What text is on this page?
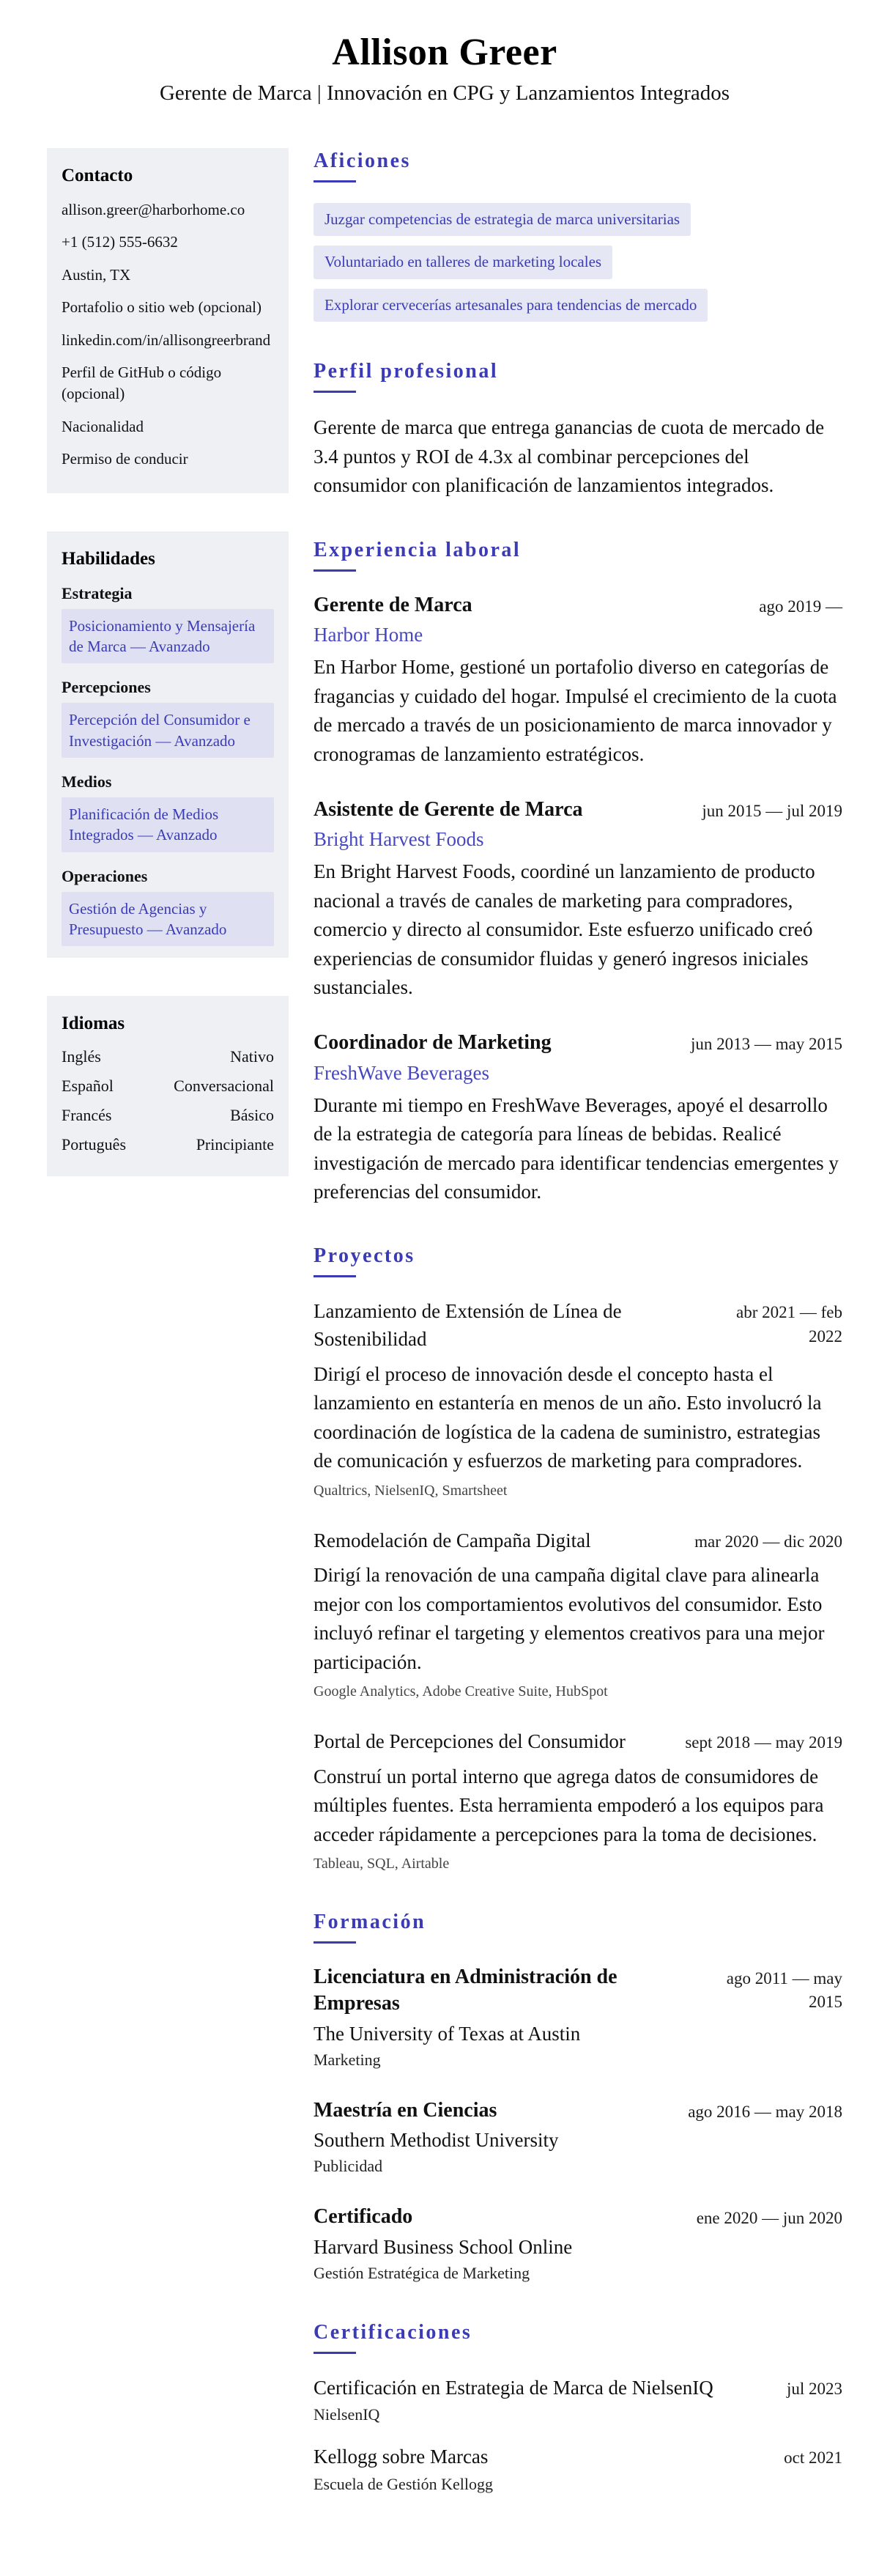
Allison Greer
Gerente de Marca | Innovación en CPG y Lanzamientos Integrados
Contacto
allison.greer@harborhome.co
+1 (512) 555-6632
Austin, TX
Portafolio o sitio web (opcional)
linkedin.com/in/allisongreerbrand
Perfil de GitHub o código (opcional)
Nacionalidad
Permiso de conducir
Habilidades
Estrategia
Posicionamiento y Mensajería de Marca — Avanzado
Percepciones
Percepción del Consumidor e Investigación — Avanzado
Medios
Planificación de Medios Integrados — Avanzado
Operaciones
Gestión de Agencias y Presupuesto — Avanzado
Idiomas
Inglés	Nativo
Español	Conversacional
Francés	Básico
Português	Principiante
Aficiones
Juzgar competencias de estrategia de marca universitarias
Voluntariado en talleres de marketing locales
Explorar cervecerías artesanales para tendencias de mercado
Perfil profesional

Gerente de marca que entrega ganancias de cuota de mercado de 3.4 puntos y ROI de 4.3x al combinar percepciones del consumidor con planificación de lanzamientos integrados.

Experiencia laboral
Gerente de Marca	ago 2019 —
Harbor Home
En Harbor Home, gestioné un portafolio diverso en categorías de fragancias y cuidado del hogar. Impulsé el crecimiento de la cuota de mercado a través de un posicionamiento de marca innovador y cronogramas de lanzamiento estratégicos.
Asistente de Gerente de Marca	jun 2015 — jul 2019
Bright Harvest Foods
En Bright Harvest Foods, coordiné un lanzamiento de producto nacional a través de canales de marketing para compradores, comercio y directo al consumidor. Este esfuerzo unificado creó experiencias de consumidor fluidas y generó ingresos iniciales sustanciales.
Coordinador de Marketing	jun 2013 — may 2015
FreshWave Beverages
Durante mi tiempo en FreshWave Beverages, apoyé el desarrollo de la estrategia de categoría para líneas de bebidas. Realicé investigación de mercado para identificar tendencias emergentes y preferencias del consumidor.
Proyectos
Lanzamiento de Extensión de Línea de Sostenibilidad
abr 2021 — feb 2022
Dirigí el proceso de innovación desde el concepto hasta el lanzamiento en estantería en menos de un año. Esto involucró la coordinación de logística de la cadena de suministro, estrategias de comunicación y esfuerzos de marketing para compradores.
Qualtrics, NielsenIQ, Smartsheet
Remodelación de Campaña Digital	mar 2020 — dic 2020
Dirigí la renovación de una campaña digital clave para alinearla mejor con los comportamientos evolutivos del consumidor. Esto incluyó refinar el targeting y elementos creativos para una mejor participación.
Google Analytics, Adobe Creative Suite, HubSpot
Portal de Percepciones del Consumidor	sept 2018 — may 2019
Construí un portal interno que agrega datos de consumidores de múltiples fuentes. Esta herramienta empoderó a los equipos para acceder rápidamente a percepciones para la toma de decisiones.
Tableau, SQL, Airtable
Formación
Licenciatura en Administración de Empresas
ago 2011 — may 2015
The University of Texas at Austin
Marketing
Maestría en Ciencias	ago 2016 — may 2018
Southern Methodist University
Publicidad
Certificado	ene 2020 — jun 2020
Harvard Business School Online
Gestión Estratégica de Marketing
Certificaciones
Certificación en Estrategia de Marca de NielsenIQ	jul 2023
NielsenIQ
Kellogg sobre Marcas	oct 2021
Escuela de Gestión Kellogg
